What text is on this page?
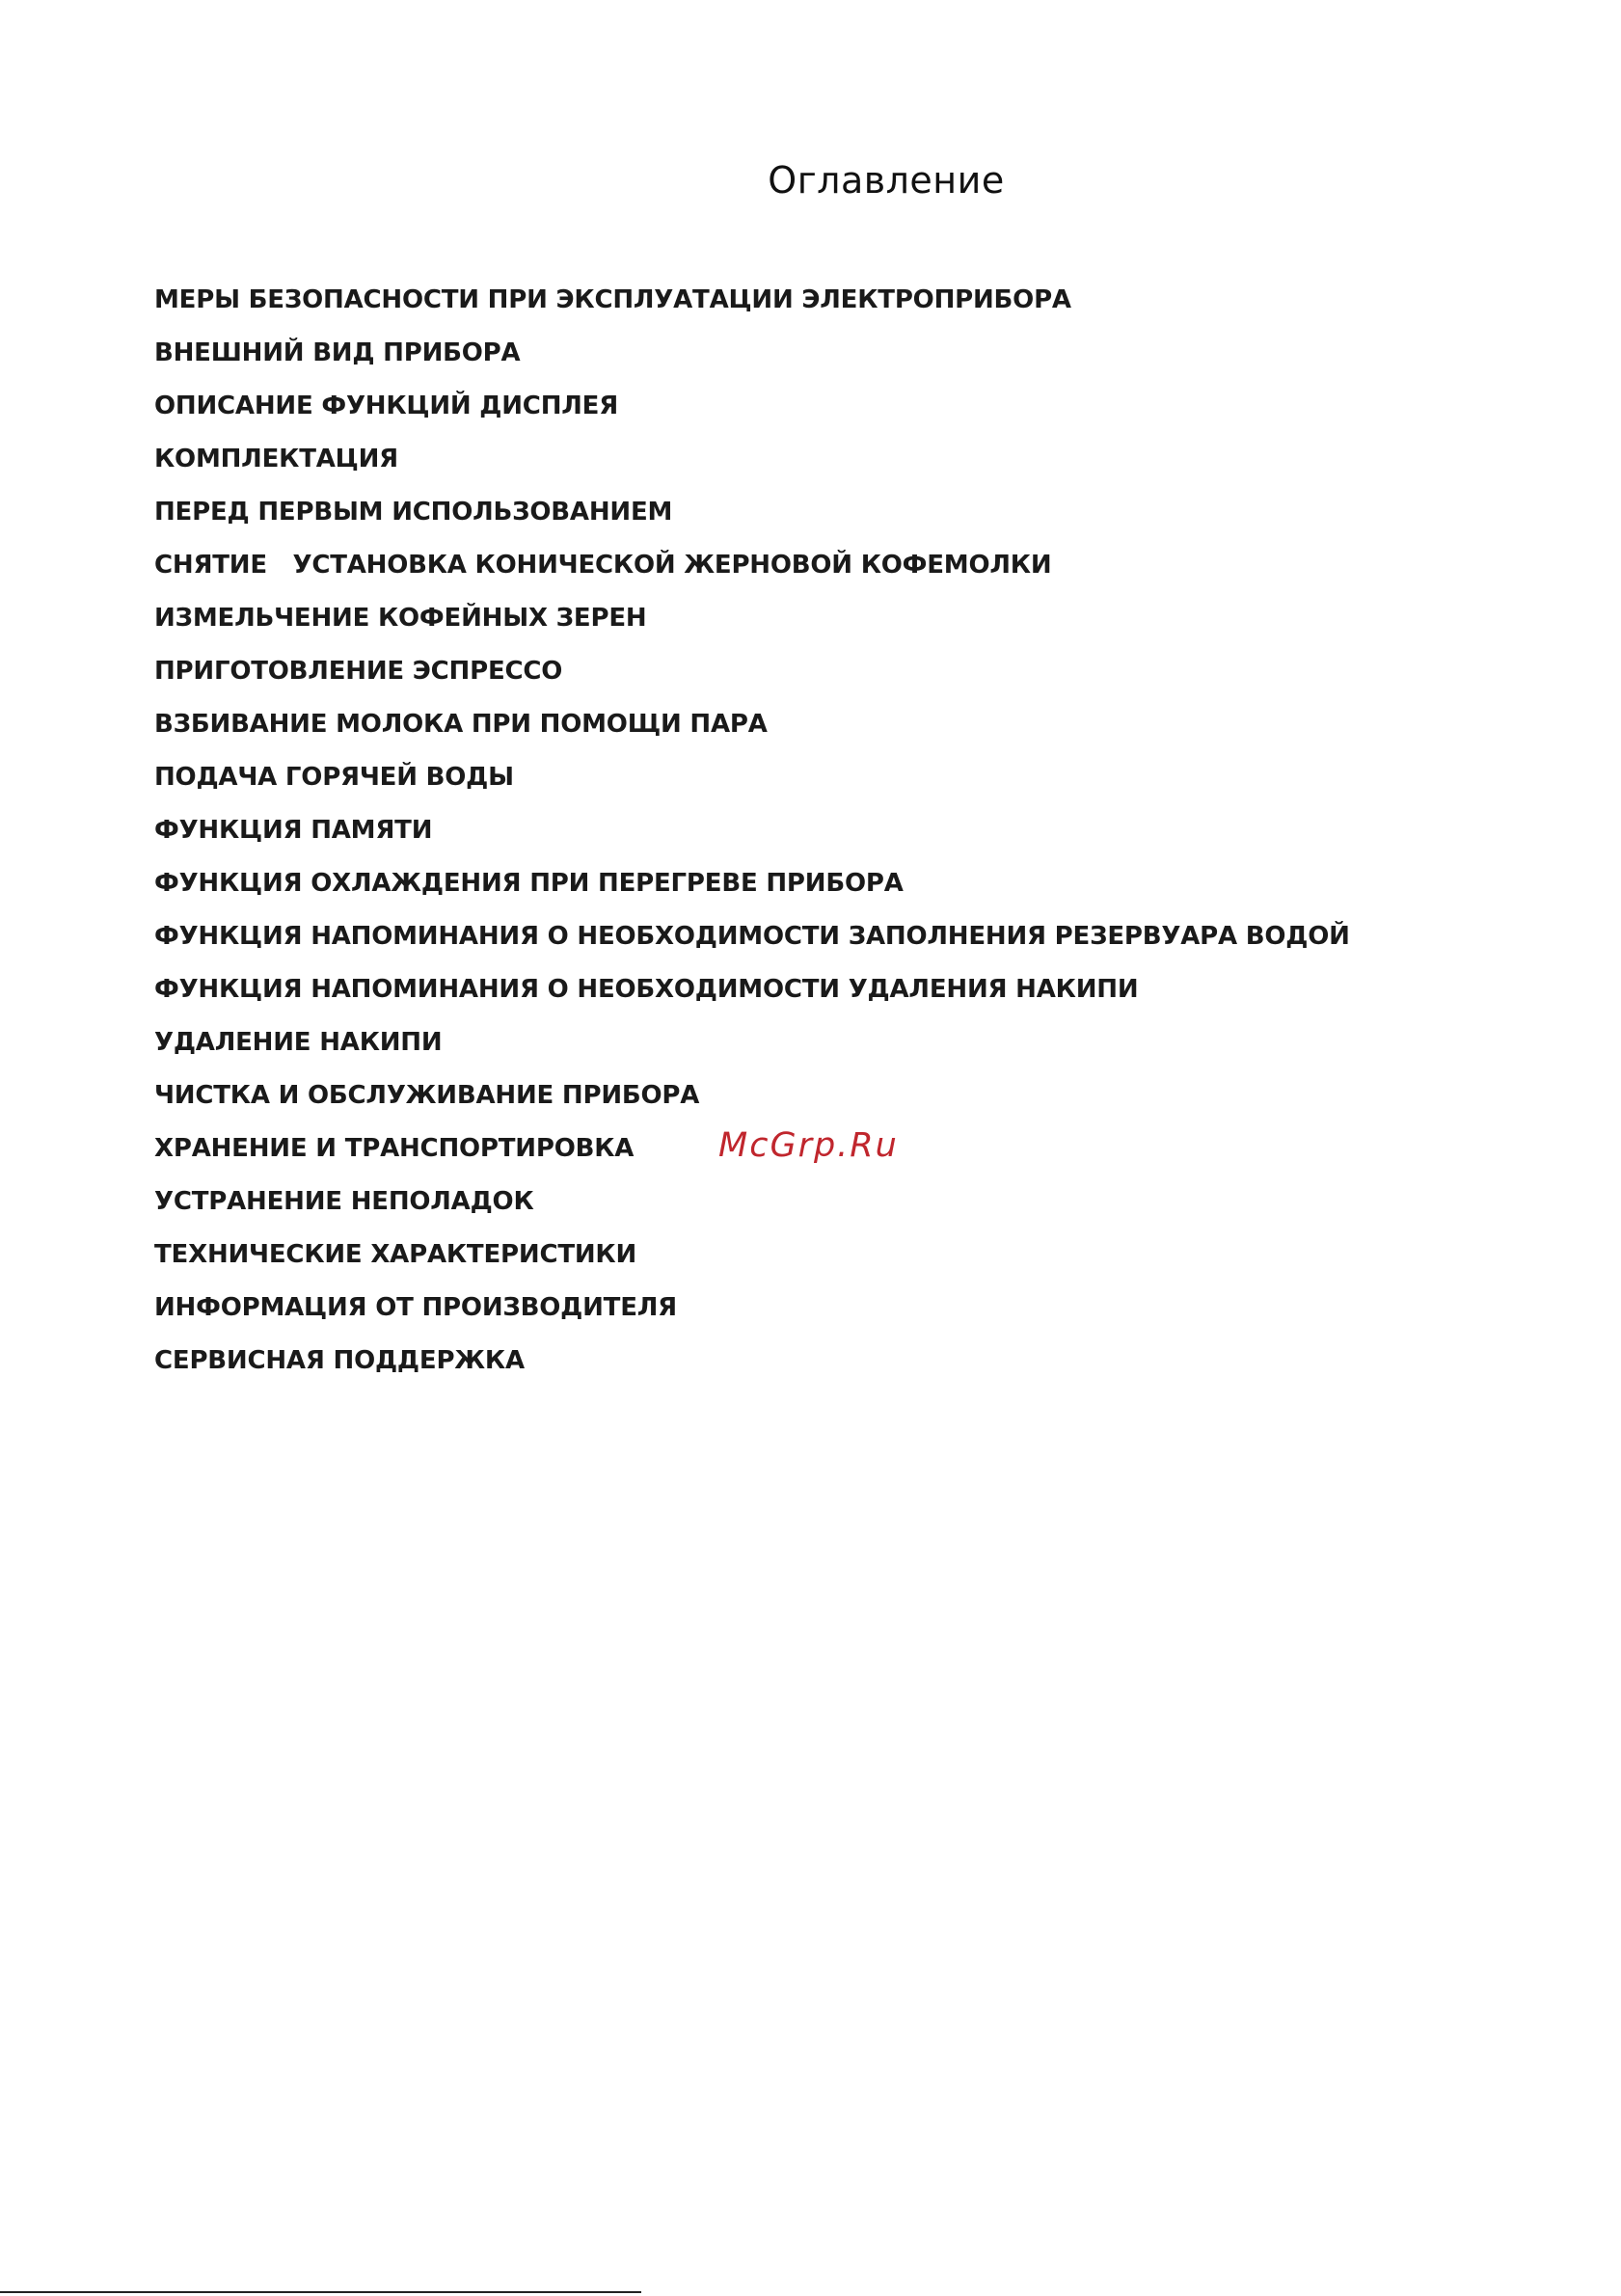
Оглавление
МЕРЫ БЕЗОПАСНОСТИ ПРИ ЭКСПЛУАТАЦИИ ЭЛЕКТРОПРИБОРА
ВНЕШНИЙ ВИД ПРИБОРА
ОПИСАНИЕ ФУНКЦИЙ ДИСПЛЕЯ
КОМПЛЕКТАЦИЯ
ПЕРЕД ПЕРВЫМ ИСПОЛЬЗОВАНИЕМ
СНЯТИЕ   УСТАНОВКА КОНИЧЕСКОЙ ЖЕРНОВОЙ КОФЕМОЛКИ
ИЗМЕЛЬЧЕНИЕ КОФЕЙНЫХ ЗЕРЕН
ПРИГОТОВЛЕНИЕ ЭСПРЕССО
ВЗБИВАНИЕ МОЛОКА ПРИ ПОМОЩИ ПАРА
ПОДАЧА ГОРЯЧЕЙ ВОДЫ
ФУНКЦИЯ ПАМЯТИ
ФУНКЦИЯ ОХЛАЖДЕНИЯ ПРИ ПЕРЕГРЕВЕ ПРИБОРА
ФУНКЦИЯ НАПОМИНАНИЯ О НЕОБХОДИМОСТИ ЗАПОЛНЕНИЯ РЕЗЕРВУАРА ВОДОЙ
ФУНКЦИЯ НАПОМИНАНИЯ О НЕОБХОДИМОСТИ УДАЛЕНИЯ НАКИПИ
УДАЛЕНИЕ НАКИПИ
ЧИСТКА И ОБСЛУЖИВАНИЕ ПРИБОРА
ХРАНЕНИЕ И ТРАНСПОРТИРОВКА
УСТРАНЕНИЕ НЕПОЛАДОК
ТЕХНИЧЕСКИЕ ХАРАКТЕРИСТИКИ
ИНФОРМАЦИЯ ОТ ПРОИЗВОДИТЕЛЯ
СЕРВИСНАЯ ПОДДЕРЖКА
McGrp.Ru
